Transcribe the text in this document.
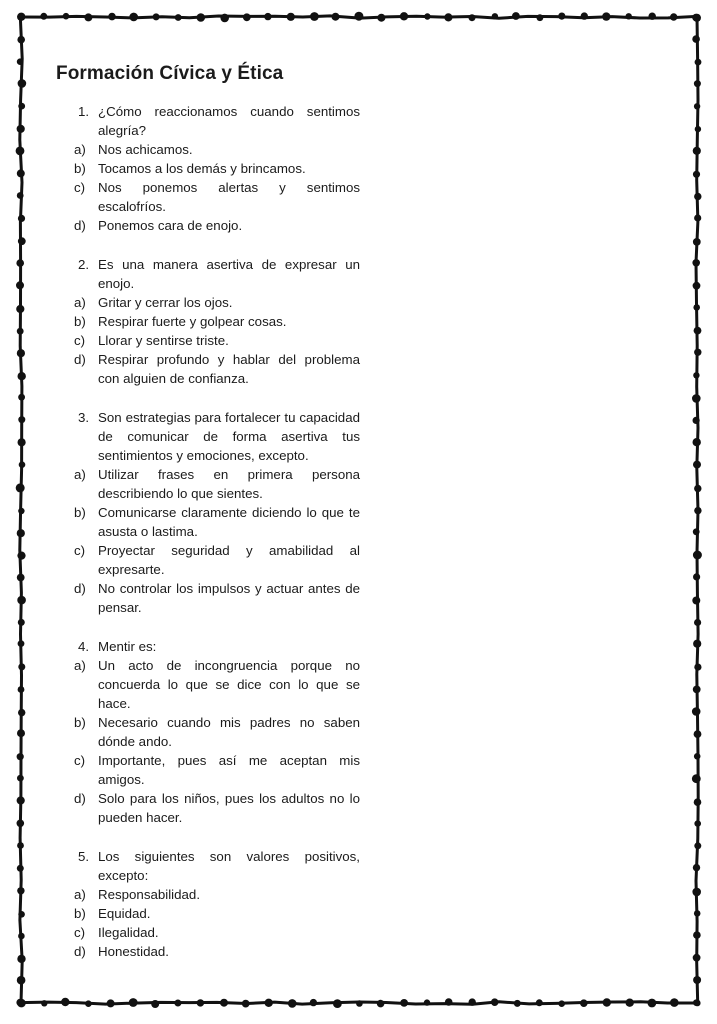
Formación Cívica y Ética
1. ¿Cómo reaccionamos cuando sentimos alegría?
a) Nos achicamos.
b) Tocamos a los demás y brincamos.
c) Nos ponemos alertas y sentimos escalofríos.
d) Ponemos cara de enojo.
2. Es una manera asertiva de expresar un enojo.
a) Gritar y cerrar los ojos.
b) Respirar fuerte y golpear cosas.
c) Llorar y sentirse triste.
d) Respirar profundo y hablar del problema con alguien de confianza.
3. Son estrategias para fortalecer tu capacidad de comunicar de forma asertiva tus sentimientos y emociones, excepto.
a) Utilizar frases en primera persona describiendo lo que sientes.
b) Comunicarse claramente diciendo lo que te asusta o lastima.
c) Proyectar seguridad y amabilidad al expresarte.
d) No controlar los impulsos y actuar antes de pensar.
4. Mentir es:
a) Un acto de incongruencia porque no concuerda lo que se dice con lo que se hace.
b) Necesario cuando mis padres no saben dónde ando.
c) Importante, pues así me aceptan mis amigos.
d) Solo para los niños, pues los adultos no lo pueden hacer.
5. Los siguientes son valores positivos, excepto:
a) Responsabilidad.
b) Equidad.
c) Ilegalidad.
d) Honestidad.
